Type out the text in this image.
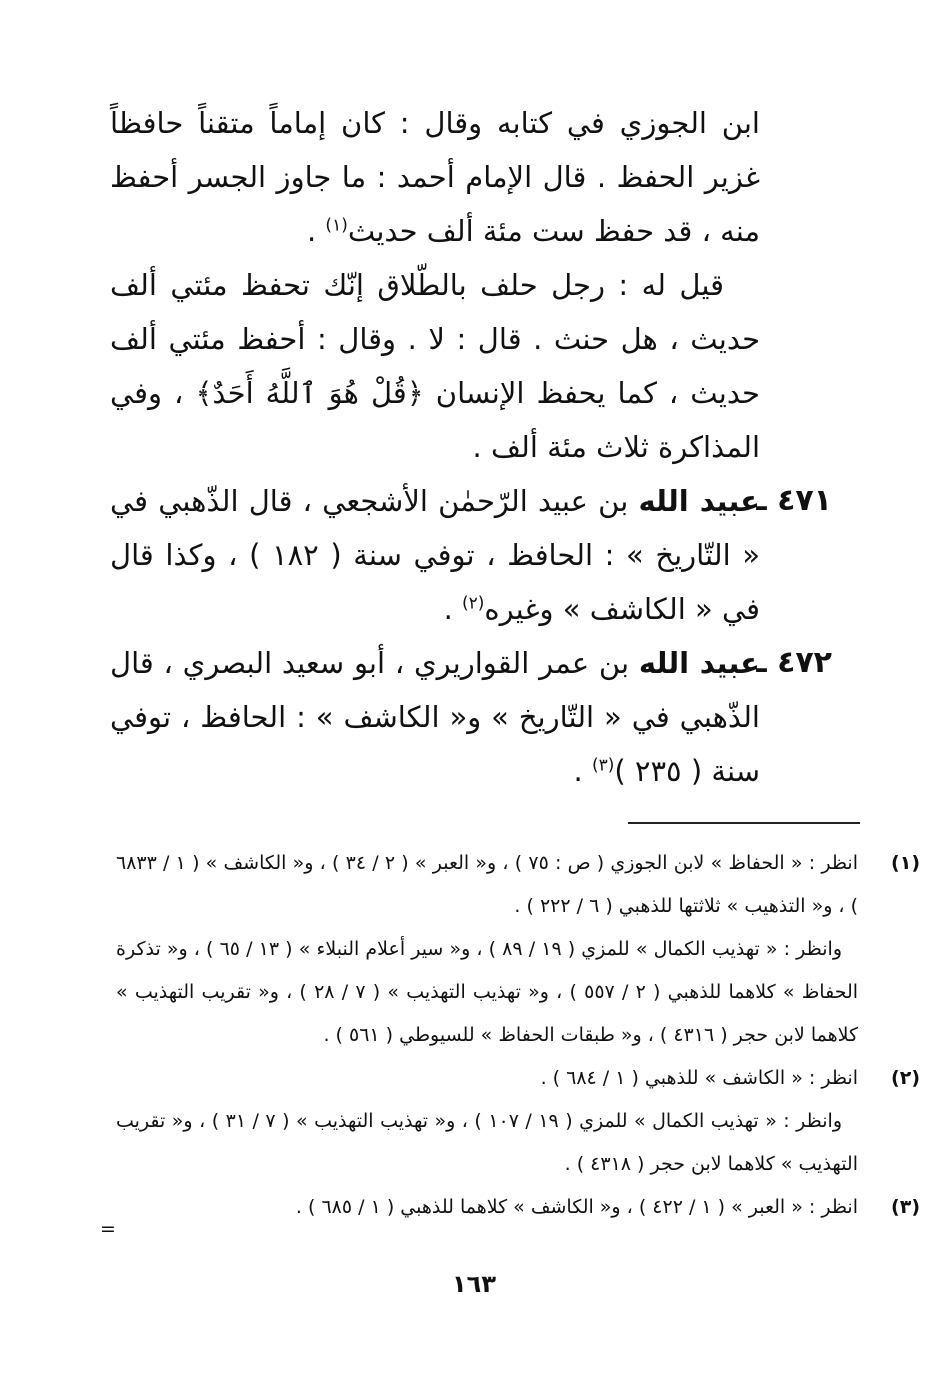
ابن الجوزي في كتابه وقال : كان إماماً متقناً حافظاً غزير الحفظ . قال الإمام أحمد : ما جاوز الجسر أحفظ منه ، قد حفظ ست مئة ألف حديث$^{(١)}$ .

قيل له : رجل حلف بالطّلاق إنّك تحفظ مئتي ألف حديث ، هل حنث . قال : لا . وقال : أحفظ مئتي ألف حديث ، كما يحفظ الإنسان ﴿قُلْ هُوَ ٱللَّهُ أَحَدٌ﴾ ، وفي المذاكرة ثلاث مئة ألف .

٤٧١ ـ

عبيد الله بن عبيد الرّحمٰن الأشجعي ، قال الذّهبي في « التّاريخ » : الحافظ ، توفي سنة ( ١٨٢ ) ، وكذا قال في « الكاشف » وغيره$^{(٢)}$ .

٤٧٢ ـ

عبيد الله بن عمر القواريري ، أبو سعيد البصري ، قال الذّهبي في « التّاريخ » و« الكاشف » : الحافظ ، توفي سنة ( ٢٣٥ )$^{(٣)}$ .

(١)
انظر : « الحفاظ » لابن الجوزي ( ص : ٧٥ ) ، و« العبر » ( ٢ / ٣٤ ) ، و« الكاشف » ( ١ / ٦٨٣٣ ) ، و« التذهيب » ثلاثتها للذهبي ( ٦ / ٢٢٢ ) .

وانظر : « تهذيب الكمال » للمزي ( ١٩ / ٨٩ ) ، و« سير أعلام النبلاء » ( ١٣ / ٦٥ ) ، و« تذكرة الحفاظ » كلاهما للذهبي ( ٢ / ٥٥٧ ) ، و« تهذيب التهذيب » ( ٧ / ٢٨ ) ، و« تقريب التهذيب » كلاهما لابن حجر ( ٤٣١٦ ) ، و« طبقات الحفاظ » للسيوطي ( ٥٦١ ) .

(٢)
انظر : « الكاشف » للذهبي ( ١ / ٦٨٤ ) .

وانظر : « تهذيب الكمال » للمزي ( ١٩ / ١٠٧ ) ، و« تهذيب التهذيب » ( ٧ / ٣١ ) ، و« تقريب التهذيب » كلاهما لابن حجر ( ٤٣١٨ ) .

(٣)
انظر : « العبر » ( ١ / ٤٢٢ ) ، و« الكاشف » كلاهما للذهبي ( ١ / ٦٨٥ ) .

=
١٦٣
